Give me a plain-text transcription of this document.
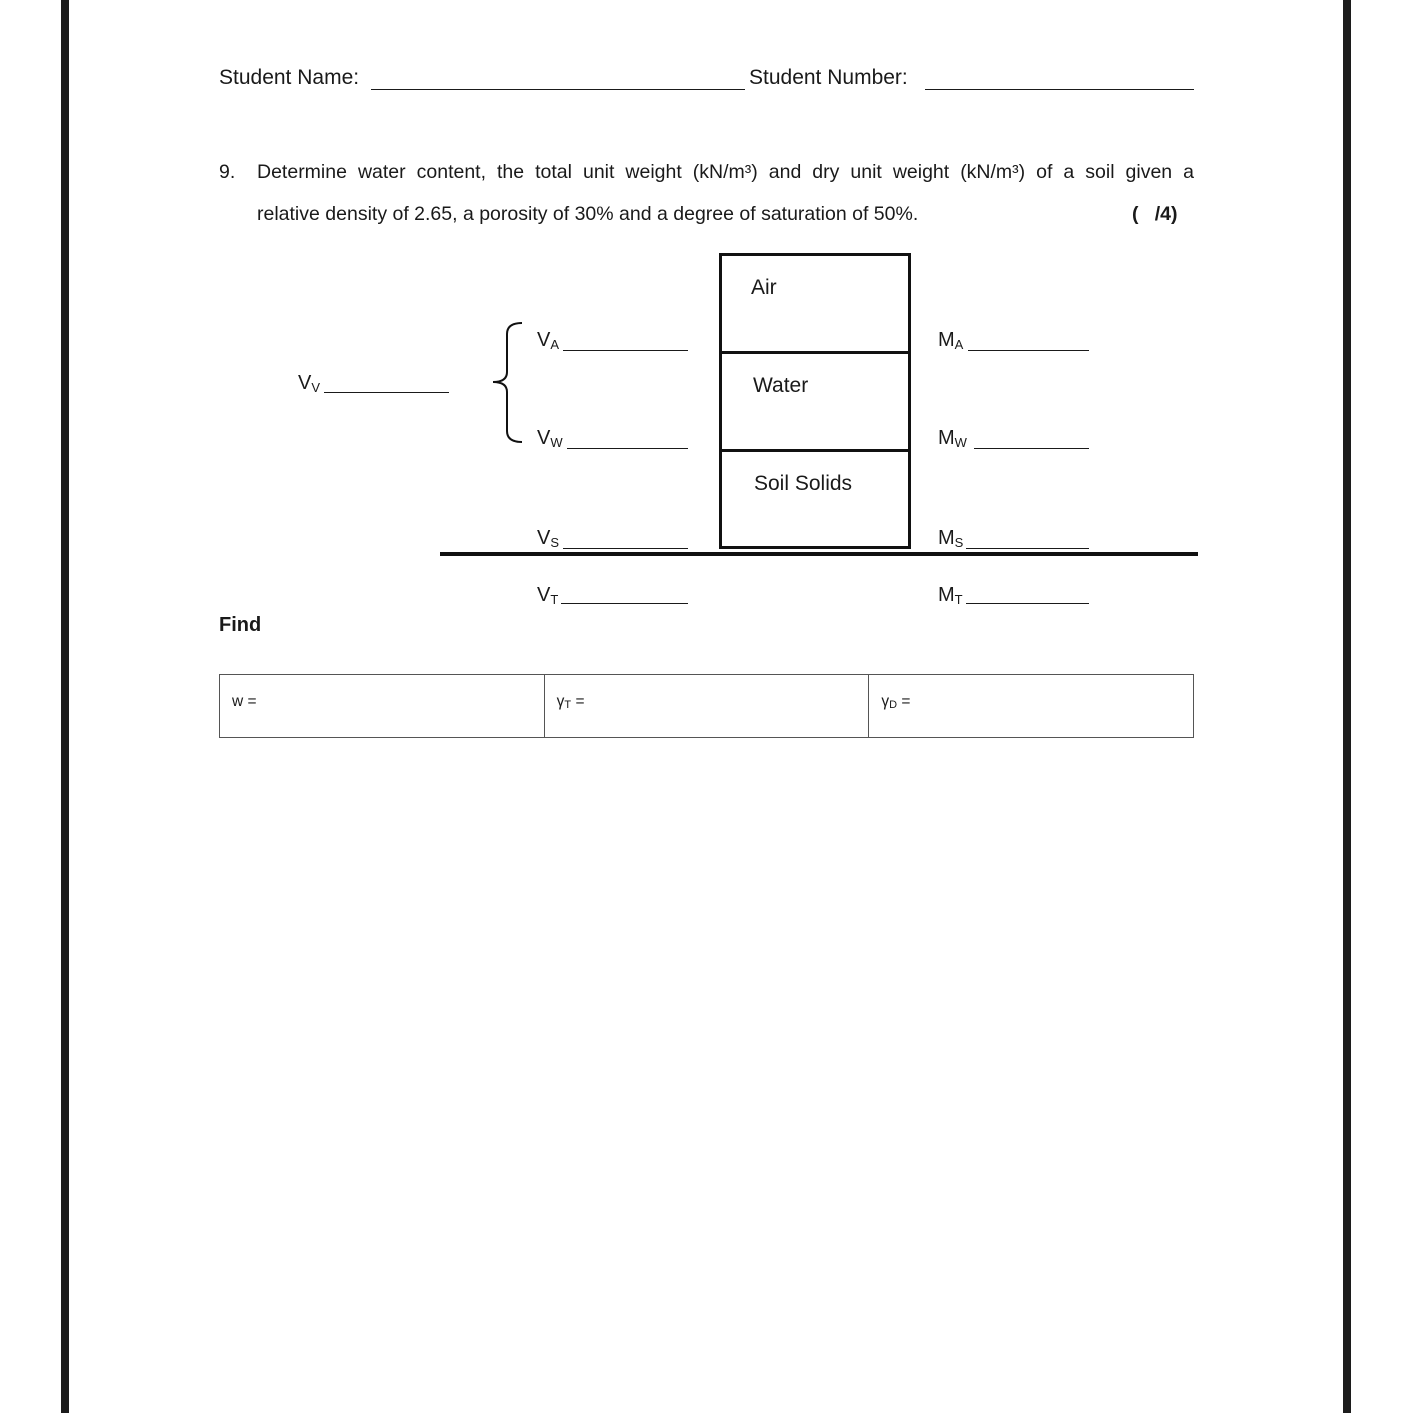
Student Name:	Student Number:
9. Determine water content, the total unit weight (kN/m³) and dry unit weight (kN/m³) of a soil given a
relative density of 2.65, a porosity of 30% and a degree of saturation of 50%.	(   /4)
Air
Water
Soil Solids
$V_V$
$V_A$
$V_W$
$V_S$
$V_T$
$M_A$
$M_W$
$M_S$
$M_T$
Find
w =	$\gamma_T$ =	$\gamma_D$ =
